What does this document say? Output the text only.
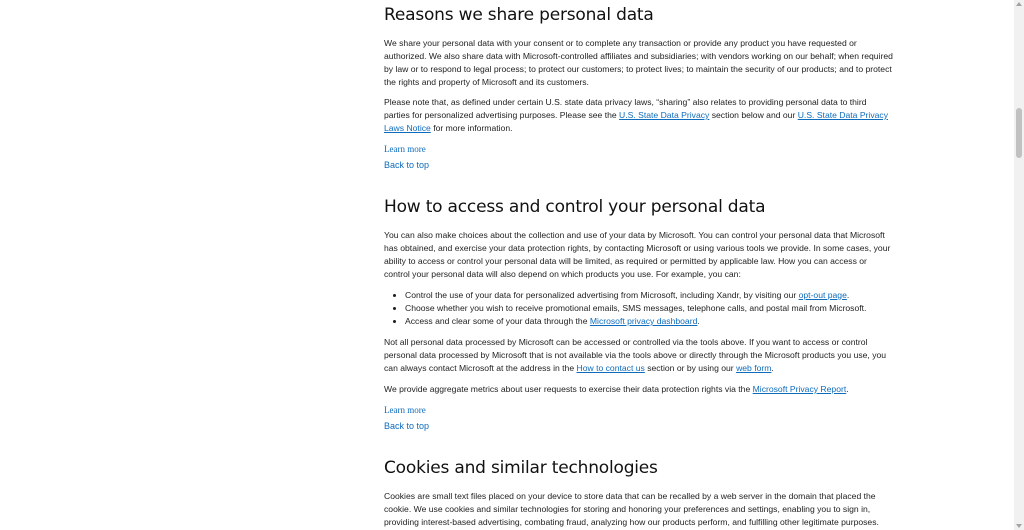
Reasons we share personal data

We share your personal data with your consent or to complete any transaction or provide any product you have requested or authorized. We also share data with Microsoft-controlled affiliates and subsidiaries; with vendors working on our behalf; when required by law or to respond to legal process; to protect our customers; to protect lives; to maintain the security of our products; and to protect the rights and property of Microsoft and its customers.

Please note that, as defined under certain U.S. state data privacy laws, “sharing” also relates to providing personal data to third parties for personalized advertising purposes. Please see the U.S. State Data Privacy section below and our U.S. State Data Privacy Laws Notice for more information.

Learn more
Back to top
How to access and control your personal data

You can also make choices about the collection and use of your data by Microsoft. You can control your personal data that Microsoft has obtained, and exercise your data protection rights, by contacting Microsoft or using various tools we provide. In some cases, your ability to access or control your personal data will be limited, as required or permitted by applicable law. How you can access or control your personal data will also depend on which products you use. For example, you can:

• Control the use of your data for personalized advertising from Microsoft, including Xandr, by visiting our opt-out page.
• Choose whether you wish to receive promotional emails, SMS messages, telephone calls, and postal mail from Microsoft.
• Access and clear some of your data through the Microsoft privacy dashboard.

Not all personal data processed by Microsoft can be accessed or controlled via the tools above. If you want to access or control personal data processed by Microsoft that is not available via the tools above or directly through the Microsoft products you use, you can always contact Microsoft at the address in the How to contact us section or by using our web form.

We provide aggregate metrics about user requests to exercise their data protection rights via the Microsoft Privacy Report.

Learn more
Back to top
Cookies and similar technologies

Cookies are small text files placed on your device to store data that can be recalled by a web server in the domain that placed the cookie. We use cookies and similar technologies for storing and honoring your preferences and settings, enabling you to sign in, providing interest-based advertising, combating fraud, analyzing how our products perform, and fulfilling other legitimate purposes.
